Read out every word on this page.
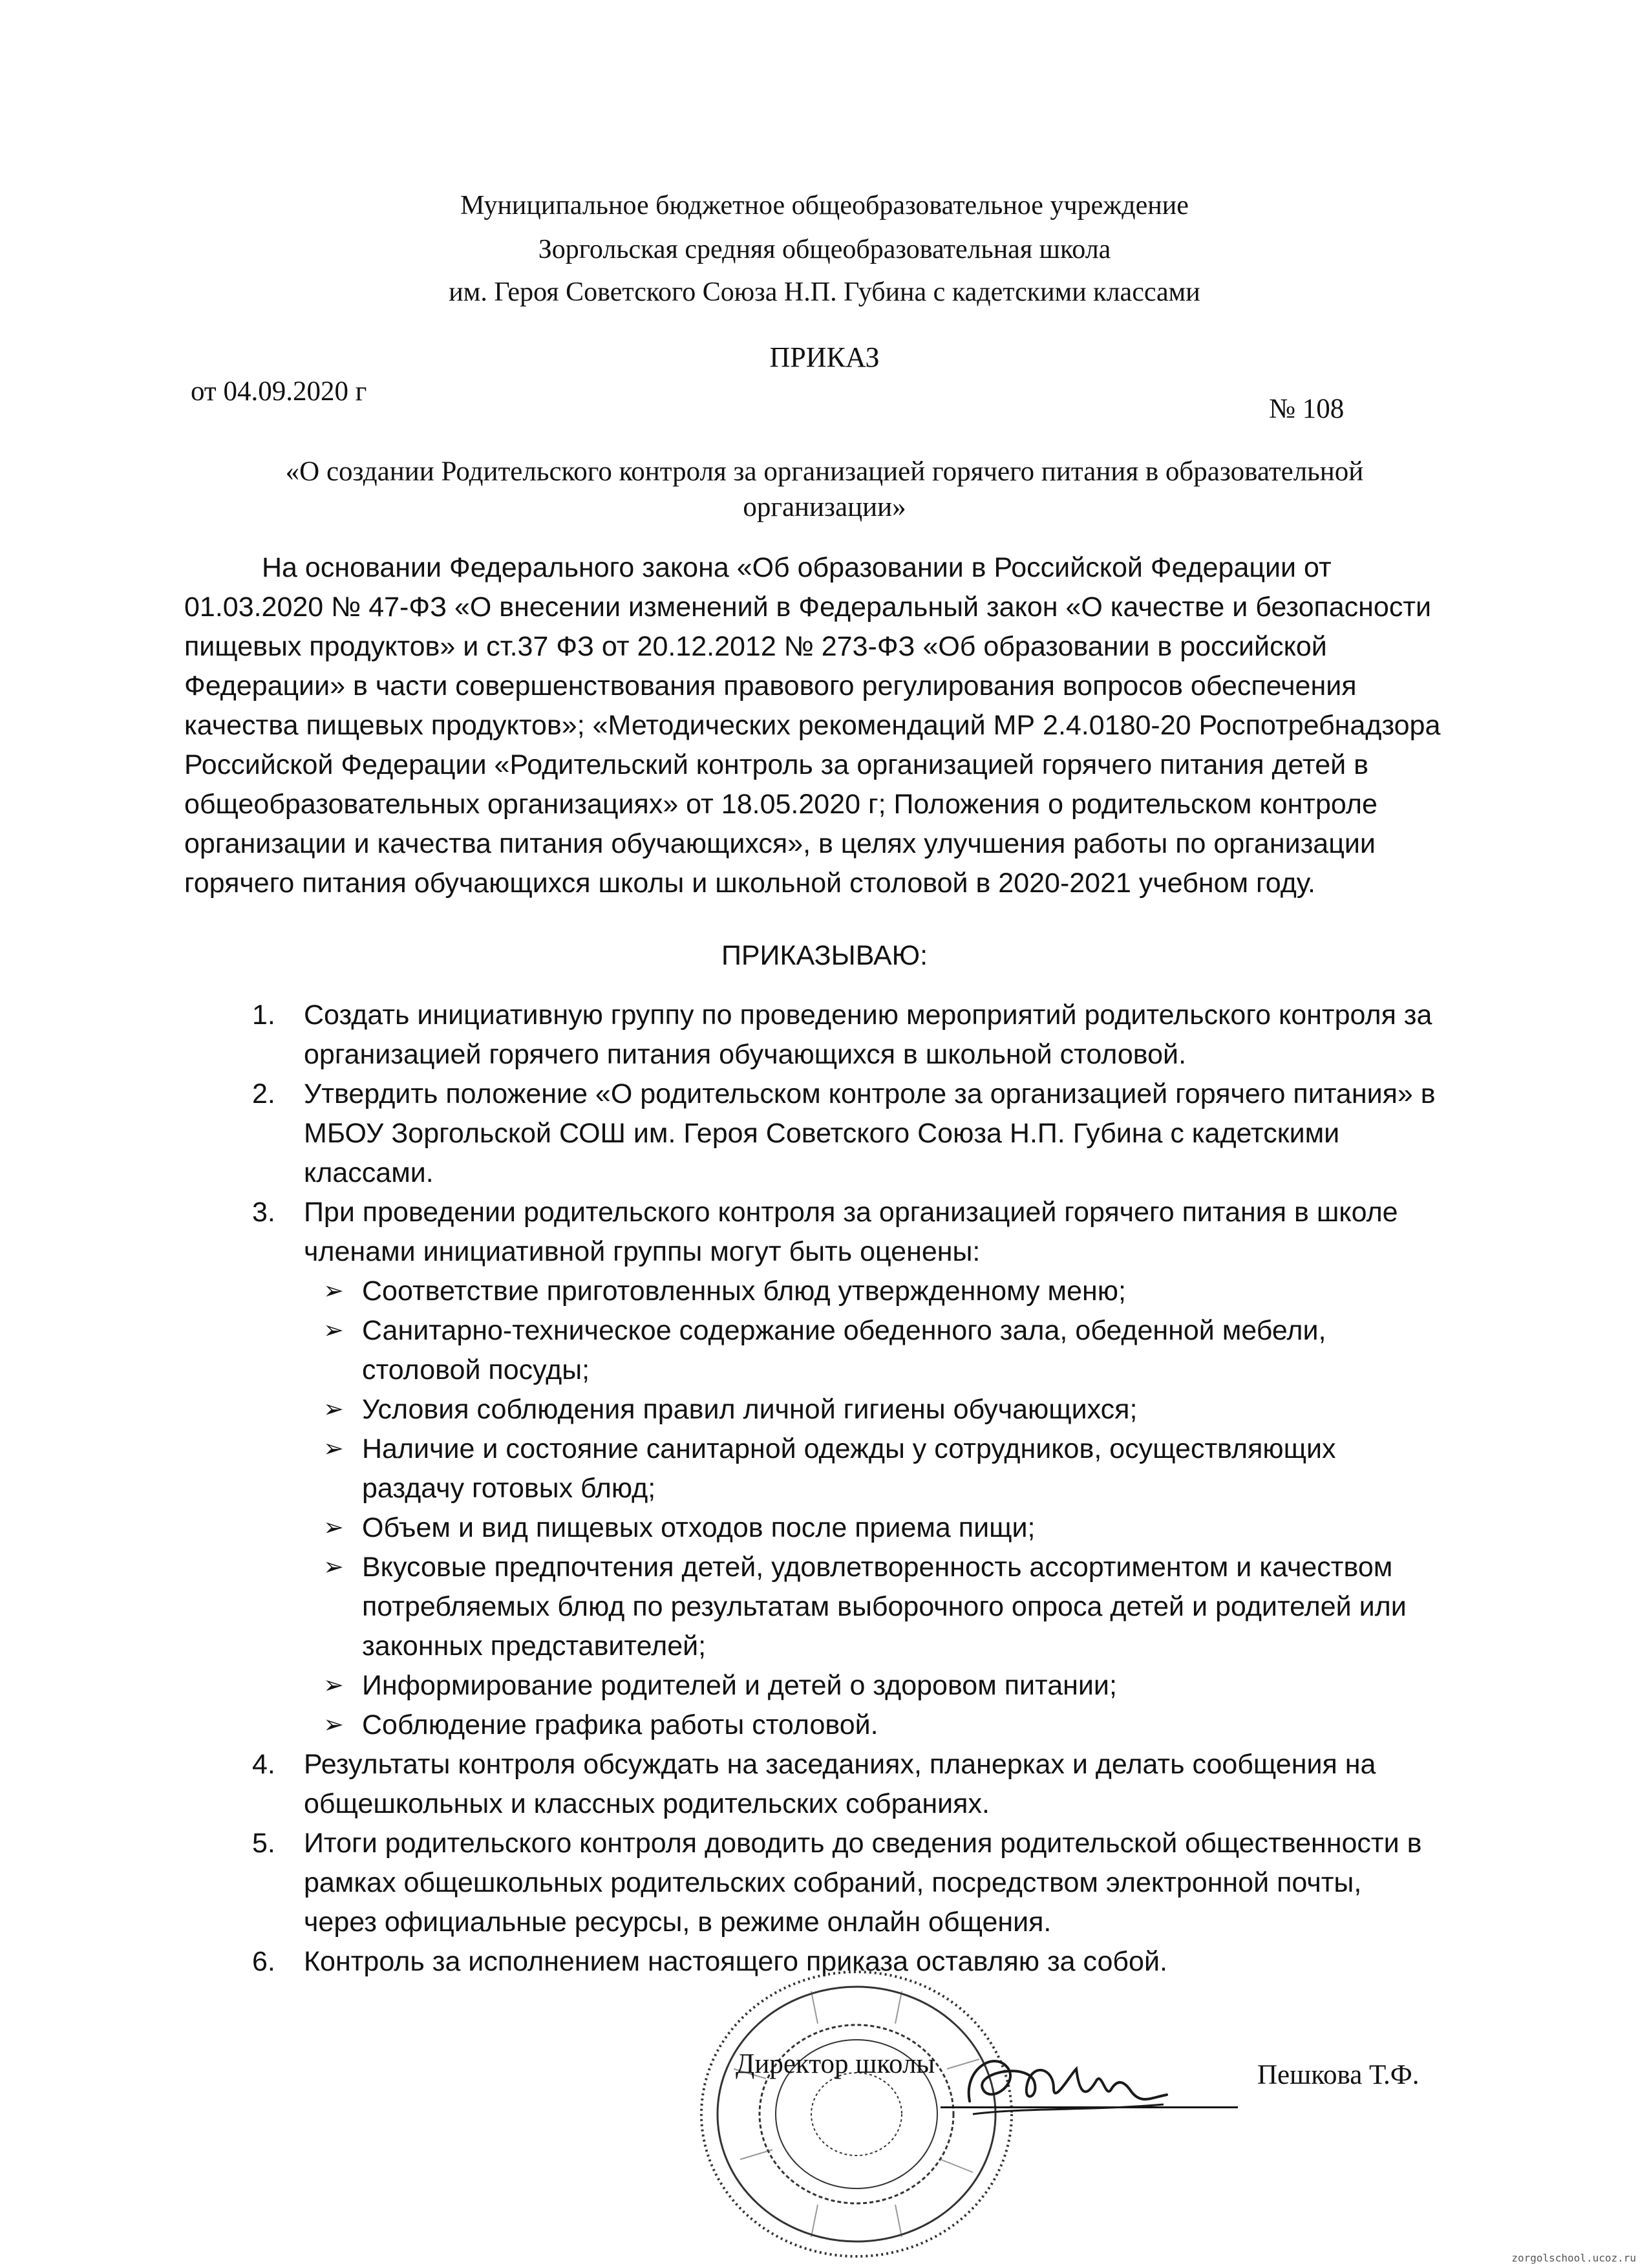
Муниципальное бюджетное общеобразовательное учреждение
Зоргольская средняя общеобразовательная школа
им. Героя Советского Союза Н.П. Губина с кадетскими классами
ПРИКАЗ
от 04.09.2020 г
№ 108
«О создании Родительского контроля за организацией горячего питания в образовательной
организации»
На основании Федерального закона «Об образовании в Российской Федерации от 01.03.2020 № 47-ФЗ «О внесении изменений в Федеральный закон «О качестве и безопасности пищевых продуктов» и ст.37 ФЗ от 20.12.2012 № 273-ФЗ «Об образовании в российской Федерации» в части совершенствования правового регулирования вопросов обеспечения качества пищевых продуктов»; «Методических рекомендаций МР 2.4.0180-20 Роспотребнадзора Российской Федерации «Родительский контроль за организацией горячего питания детей в общеобразовательных организациях» от 18.05.2020 г; Положения о родительском контроле организации и качества питания обучающихся», в целях улучшения работы по организации горячего питания обучающихся школы и школьной столовой в 2020-2021 учебном году.
ПРИКАЗЫВАЮ:
1. Создать инициативную группу по проведению мероприятий родительского контроля за организацией горячего питания обучающихся в школьной столовой.
2. Утвердить положение «О родительском контроле за организацией горячего питания» в МБОУ Зоргольской СОШ им. Героя Советского Союза Н.П. Губина с кадетскими классами.
3. При проведении родительского контроля за организацией горячего питания в школе членами инициативной группы могут быть оценены:
➢ Соответствие приготовленных блюд утвержденному меню;
➢ Санитарно-техническое содержание обеденного зала, обеденной мебели, столовой посуды;
➢ Условия соблюдения правил личной гигиены обучающихся;
➢ Наличие и состояние санитарной одежды у сотрудников, осуществляющих раздачу готовых блюд;
➢ Объем и вид пищевых отходов после приема пищи;
➢ Вкусовые предпочтения детей, удовлетворенность ассортиментом и качеством потребляемых блюд по результатам выборочного опроса детей и родителей или законных представителей;
➢ Информирование родителей и детей о здоровом питании;
➢ Соблюдение графика работы столовой.
4. Результаты контроля обсуждать на заседаниях, планерках и делать сообщения на общешкольных и классных родительских собраниях.
5. Итоги родительского контроля доводить до сведения родительской общественности в рамках общешкольных родительских собраний, посредством электронной почты, через официальные ресурсы, в режиме онлайн общения.
6. Контроль за исполнением настоящего приказа оставляю за собой.
Директор школы	Пешкова Т.Ф.
zorgolschool.ucoz.ru
